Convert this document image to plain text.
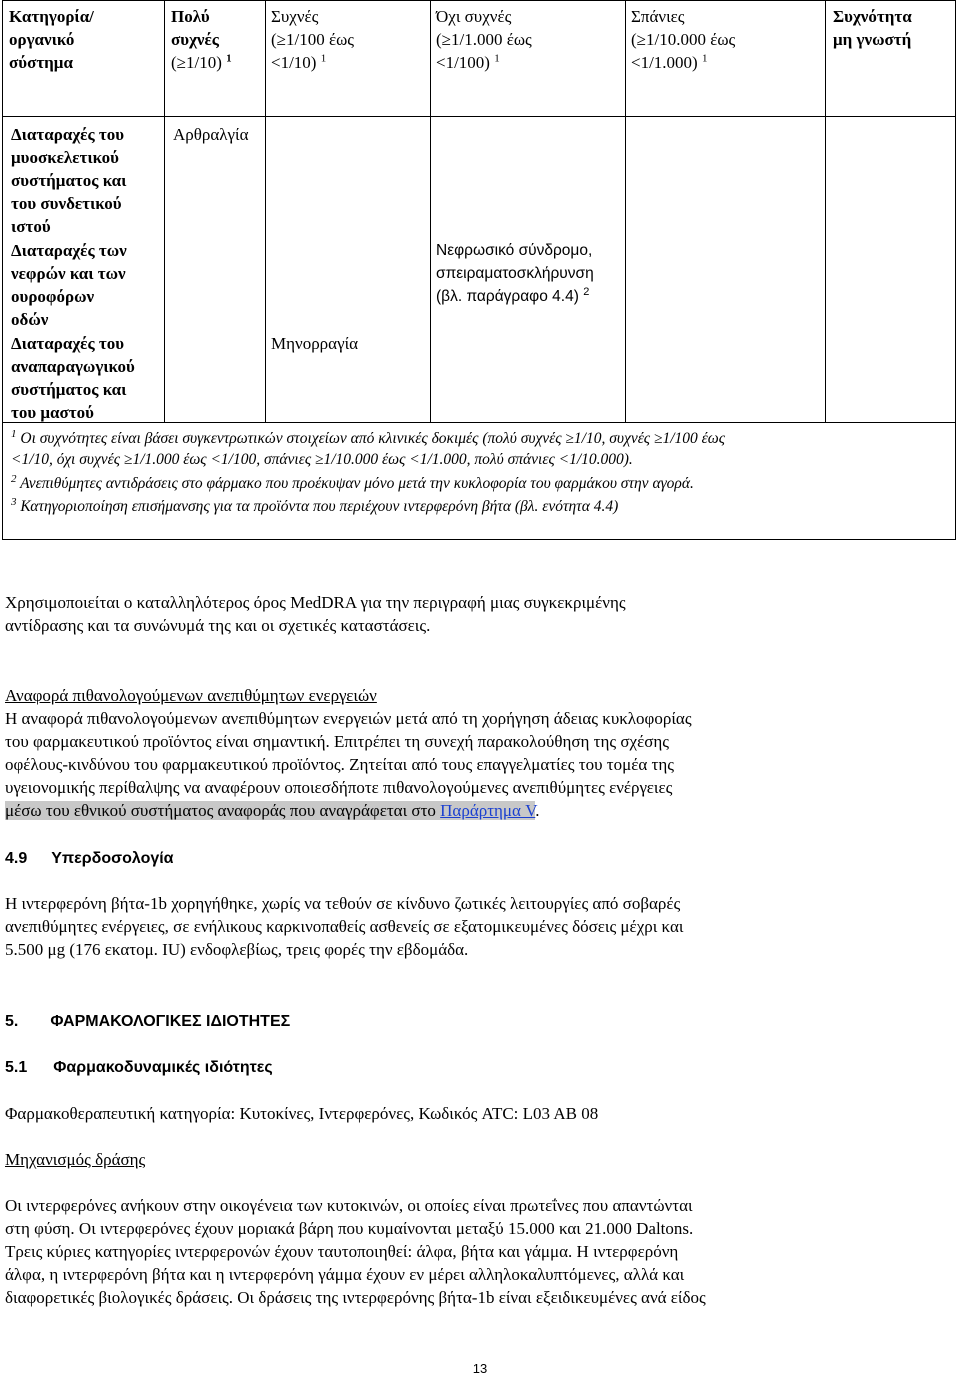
Κατηγορία/
οργανικό
σύστημα
Πολύ
συχνές
(≥1/10) $^1$
Συχνές
(≥1/100 έως
<1/10) $^1$
Όχι συχνές
(≥1/1.000 έως
<1/100) $^1$
Σπάνιες
(≥1/10.000 έως
<1/1.000) $^1$
Συχνότητα
μη γνωστή
Διαταραχές του
μυοσκελετικού
συστήματος και
του συνδετικού
ιστού
Αρθραλγία
Διαταραχές των
νεφρών και των
ουροφόρων
οδών
Νεφρωσικό σύνδρομο,
σπειραματοσκλήρυνση
(βλ. παράγραφο 4.4) $^2$
Διαταραχές του
αναπαραγωγικού
συστήματος και
του μαστού
Μηνορραγία
$^1$ Οι συχνότητες είναι βάσει συγκεντρωτικών στοιχείων από κλινικές δοκιμές (πολύ συχνές ≥1/10, συχνές ≥1/100 έως
<1/10, όχι συχνές ≥1/1.000 έως <1/100, σπάνιες ≥1/10.000 έως <1/1.000, πολύ σπάνιες <1/10.000).
$^2$ Ανεπιθύμητες αντιδράσεις στο φάρμακο που προέκυψαν μόνο μετά την κυκλοφορία του φαρμάκου στην αγορά.
$^3$ Κατηγοριοποίηση επισήμανσης για τα προϊόντα που περιέχουν ιντερφερόνη βήτα (βλ. ενότητα 4.4)
Χρησιμοποιείται ο καταλληλότερος όρος MedDRA για την περιγραφή μιας συγκεκριμένης
αντίδρασης και τα συνώνυμά της και οι σχετικές καταστάσεις.
Αναφορά πιθανολογούμενων ανεπιθύμητων ενεργειών
Η αναφορά πιθανολογούμενων ανεπιθύμητων ενεργειών μετά από τη χορήγηση άδειας κυκλοφορίας
του φαρμακευτικού προϊόντος είναι σημαντική. Επιτρέπει τη συνεχή παρακολούθηση της σχέσης
οφέλους-κινδύνου του φαρμακευτικού προϊόντος. Ζητείται από τους επαγγελματίες του τομέα της
υγειονομικής περίθαλψης να αναφέρουν οποιεσδήποτε πιθανολογούμενες ανεπιθύμητες ενέργειες
μέσω του εθνικού συστήματος αναφοράς που αναγράφεται στο Παράρτημα V.
4.9 Υπερδοσολογία
Η ιντερφερόνη βήτα-1b χορηγήθηκε, χωρίς να τεθούν σε κίνδυνο ζωτικές λειτουργίες από σοβαρές
ανεπιθύμητες ενέργειες, σε ενήλικους καρκινοπαθείς ασθενείς σε εξατομικευμένες δόσεις μέχρι και
5.500 μg (176 εκατομ. IU) ενδοφλεβίως, τρεις φορές την εβδομάδα.
5. ΦΑΡΜΑΚΟΛΟΓΙΚΕΣ ΙΔΙΟΤΗΤΕΣ
5.1 Φαρμακοδυναμικές ιδιότητες
Φαρμακοθεραπευτική κατηγορία: Κυτοκίνες, Ιντερφερόνες, Κωδικός ATC: L03 AB 08
Μηχανισμός δράσης
Οι ιντερφερόνες ανήκουν στην οικογένεια των κυτοκινών, οι οποίες είναι πρωτεΐνες που απαντώνται
στη φύση. Οι ιντερφερόνες έχουν μοριακά βάρη που κυμαίνονται μεταξύ 15.000 και 21.000 Daltons.
Τρεις κύριες κατηγορίες ιντερφερονών έχουν ταυτοποιηθεί: άλφα, βήτα και γάμμα. Η ιντερφερόνη
άλφα, η ιντερφερόνη βήτα και η ιντερφερόνη γάμμα έχουν εν μέρει αλληλοκαλυπτόμενες, αλλά και
διαφορετικές βιολογικές δράσεις. Οι δράσεις της ιντερφερόνης βήτα-1b είναι εξειδικευμένες ανά είδος
13
